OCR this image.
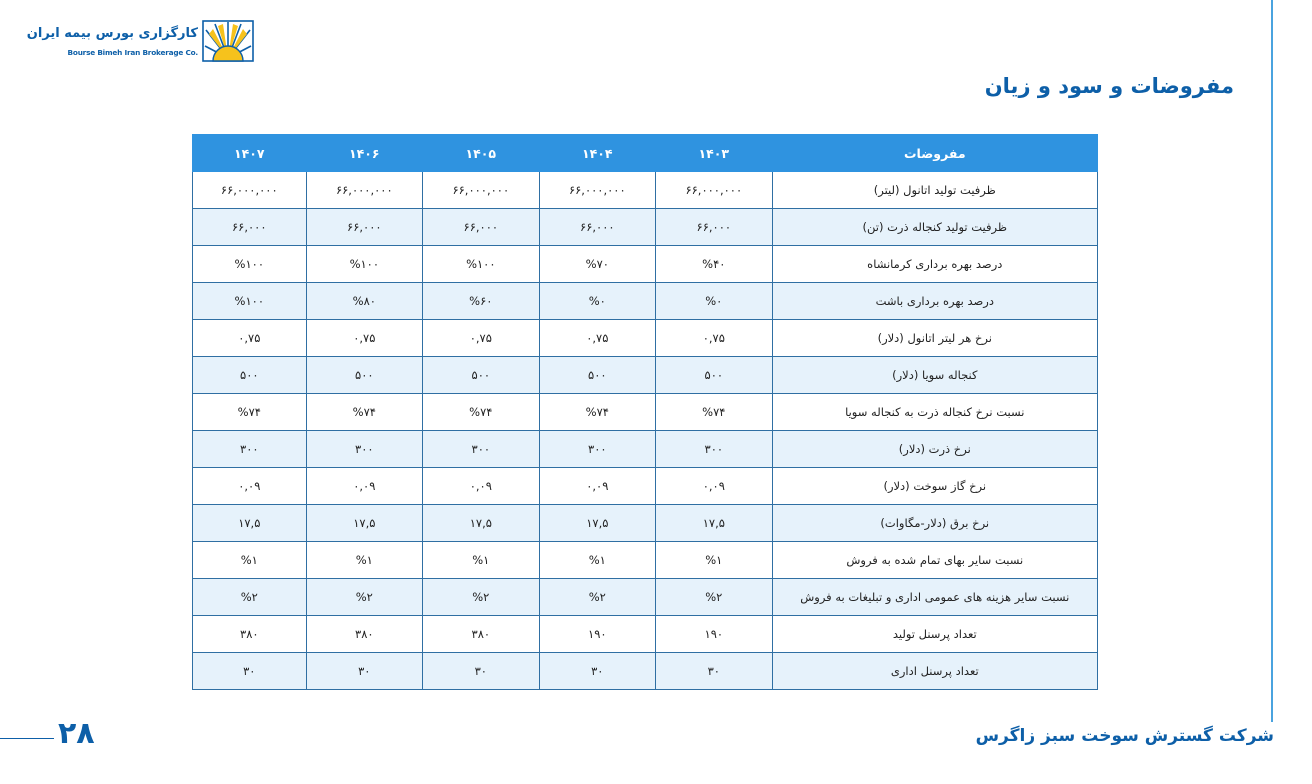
کارگزاری بورس بیمه ایران
Bourse Bimeh Iran Brokerage Co.
مفروضات و سود و زیان
مفروضات	۱۴۰۳	۱۴۰۴	۱۴۰۵	۱۴۰۶	۱۴۰۷
ظرفیت تولید اتانول (لیتر)	۶۶,۰۰۰,۰۰۰	۶۶,۰۰۰,۰۰۰	۶۶,۰۰۰,۰۰۰	۶۶,۰۰۰,۰۰۰	۶۶,۰۰۰,۰۰۰
ظرفیت تولید کنجاله ذرت (تن)	۶۶,۰۰۰	۶۶,۰۰۰	۶۶,۰۰۰	۶۶,۰۰۰	۶۶,۰۰۰
درصد بهره برداری کرمانشاه	%۴۰	%۷۰	%۱۰۰	%۱۰۰	%۱۰۰
درصد بهره برداری باشت	%۰	%۰	%۶۰	%۸۰	%۱۰۰
نرخ هر لیتر اتانول (دلار)	۰,۷۵	۰,۷۵	۰,۷۵	۰,۷۵	۰,۷۵
کنجاله سویا (دلار)	۵۰۰	۵۰۰	۵۰۰	۵۰۰	۵۰۰
نسبت نرخ کنجاله ذرت به کنجاله سویا	%۷۴	%۷۴	%۷۴	%۷۴	%۷۴
نرخ ذرت (دلار)	۳۰۰	۳۰۰	۳۰۰	۳۰۰	۳۰۰
نرخ گاز سوخت (دلار)	۰,۰۹	۰,۰۹	۰,۰۹	۰,۰۹	۰,۰۹
نرخ برق (دلار-مگاوات)	۱۷,۵	۱۷,۵	۱۷,۵	۱۷,۵	۱۷,۵
نسبت سایر بهای تمام شده به فروش	%۱	%۱	%۱	%۱	%۱
نسبت سایر هزینه های عمومی اداری و تبلیغات به فروش	%۲	%۲	%۲	%۲	%۲
تعداد پرسنل تولید	۱۹۰	۱۹۰	۳۸۰	۳۸۰	۳۸۰
تعداد پرسنل اداری	۳۰	۳۰	۳۰	۳۰	۳۰
۲۸	شرکت گسترش سوخت سبز زاگرس
